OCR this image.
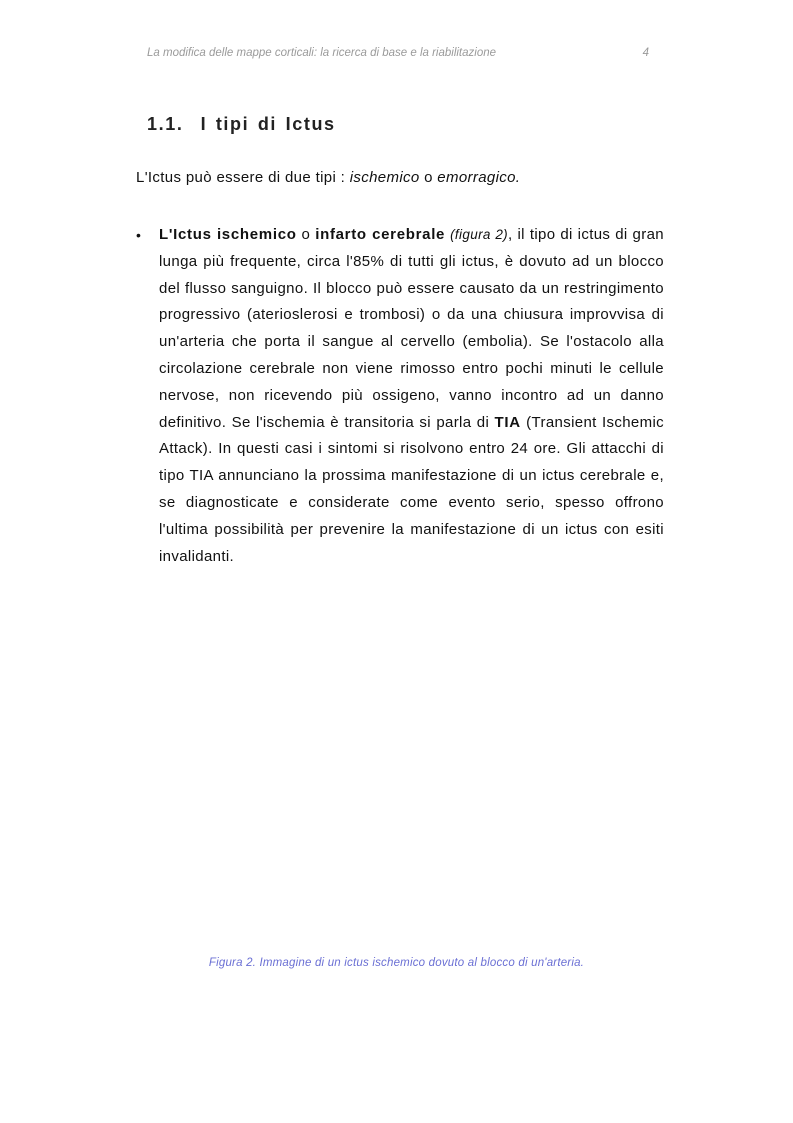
La modifica delle mappe corticali: la ricerca di base e la riabilitazione	4
1.1. I tipi di Ictus

L'Ictus può essere di due tipi : ischemico o emorragico.

• L'Ictus ischemico o infarto cerebrale (figura 2), il tipo di ictus di gran lunga più frequente, circa l'85% di tutti gli ictus, è dovuto ad un blocco del flusso sanguigno. Il blocco può essere causato da un restringimento progressivo (aterioslerosi e trombosi) o da una chiusura improvvisa di un'arteria che porta il sangue al cervello (embolia). Se l'ostacolo alla circolazione cerebrale non viene rimosso entro pochi minuti le cellule nervose, non ricevendo più ossigeno, vanno incontro ad un danno definitivo. Se l'ischemia è transitoria si parla di TIA (Transient Ischemic Attack). In questi casi i sintomi si risolvono entro 24 ore. Gli attacchi di tipo TIA annunciano la prossima manifestazione di un ictus cerebrale e, se diagnosticate e considerate come evento serio, spesso offrono l'ultima possibilità per prevenire la manifestazione di un ictus con esiti invalidanti.

Figura 2. Immagine di un ictus ischemico dovuto al blocco di un'arteria.
